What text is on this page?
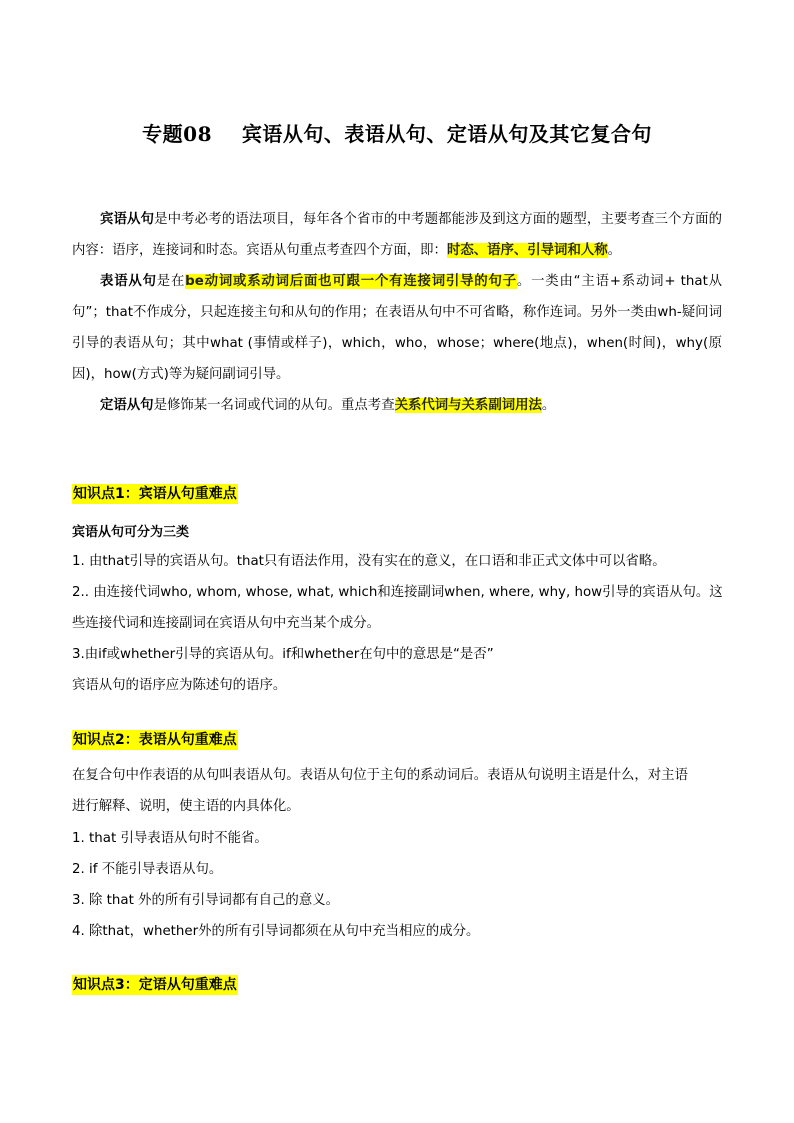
专题08    宾语从句、表语从句、定语从句及其它复合句
宾语从句是中考必考的语法项目，每年各个省市的中考题都能涉及到这方面的题型，主要考查三个方面的内容：语序，连接词和时态。宾语从句重点考查四个方面，即：时态、语序、引导词和人称。
表语从句是在be动词或系动词后面也可跟一个有连接词引导的句子。一类由“主语+系动词+ that从句”；that不作成分，只起连接主句和从句的作用；在表语从句中不可省略，称作连词。另外一类由wh-疑问词引导的表语从句；其中what (事情或样子)，which，who，whose；where(地点)，when(时间)，why(原因)，how(方式)等为疑问副词引导。
定语从句是修饰某一名词或代词的从句。重点考查关系代词与关系副词用法。
知识点1：宾语从句重难点
宾语从句可分为三类
1. 由that引导的宾语从句。that只有语法作用，没有实在的意义，在口语和非正式文体中可以省略。
2.. 由连接代词who, whom, whose, what, which和连接副词when, where, why, how引导的宾语从句。这
些连接代词和连接副词在宾语从句中充当某个成分。
3.由if或whether引导的宾语从句。if和whether在句中的意思是“是否”
宾语从句的语序应为陈述句的语序。
知识点2：表语从句重难点
在复合句中作表语的从句叫表语从句。表语从句位于主句的系动词后。表语从句说明主语是什么，对主语
进行解释、说明，使主语的内具体化。
1. that 引导表语从句时不能省。
2. if 不能引导表语从句。
3. 除 that 外的所有引导词都有自己的意义。
4. 除that，whether外的所有引导词都须在从句中充当相应的成分。
知识点3：定语从句重难点
